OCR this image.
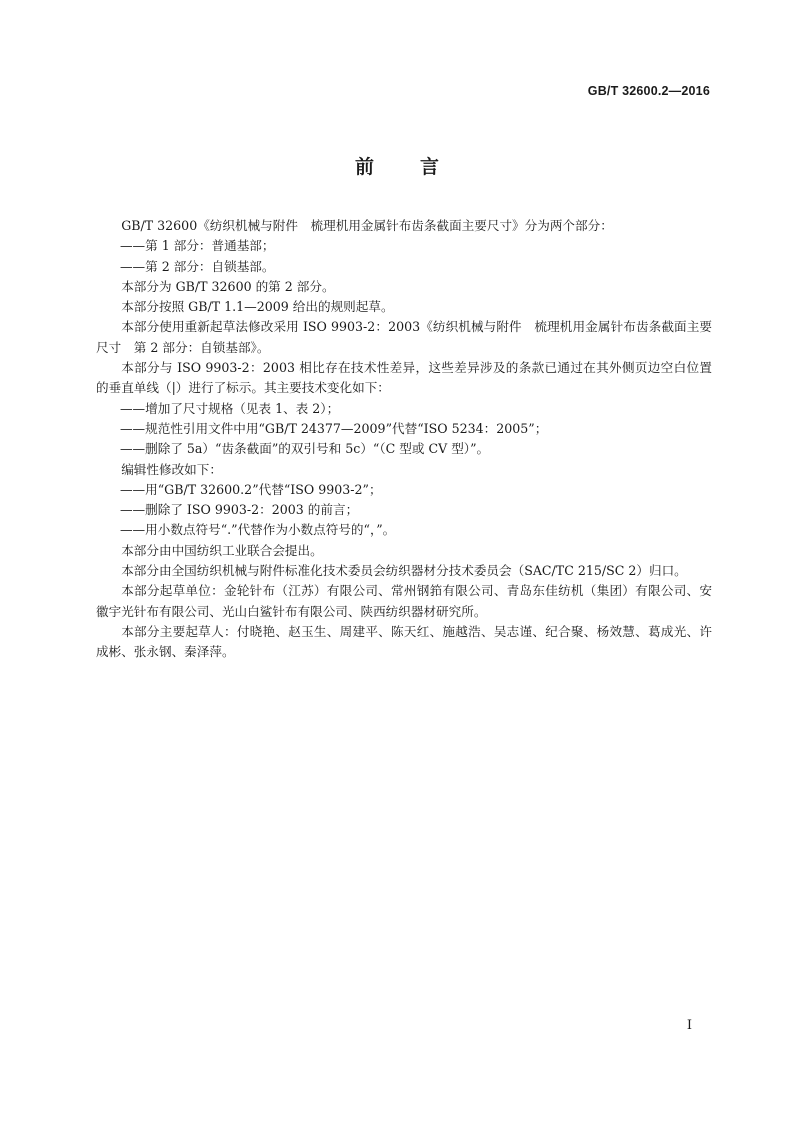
GB/T 32600.2—2016
前 言

GB/T 32600《纺织机械与附件　梳理机用金属针布齿条截面主要尺寸》分为两个部分：

——第 1 部分：普通基部；

——第 2 部分：自锁基部。

本部分为 GB/T 32600 的第 2 部分。

本部分按照 GB/T 1.1—2009 给出的规则起草。

本部分使用重新起草法修改采用 ISO 9903-2：2003《纺织机械与附件　梳理机用金属针布齿条截面主要尺寸　第 2 部分：自锁基部》。

本部分与 ISO 9903-2：2003 相比存在技术性差异，这些差异涉及的条款已通过在其外侧页边空白位置的垂直单线（|）进行了标示。其主要技术变化如下：

——增加了尺寸规格（见表 1、表 2）；

——规范性引用文件中用“GB/T 24377—2009”代替“ISO 5234：2005”；

——删除了 5a）“齿条截面”的双引号和 5c）“（C 型或 CV 型）”。

编辑性修改如下：

——用“GB/T 32600.2”代替“ISO 9903-2”；

——删除了 ISO 9903-2：2003 的前言；

——用小数点符号“.”代替作为小数点符号的“，”。

本部分由中国纺织工业联合会提出。

本部分由全国纺织机械与附件标准化技术委员会纺织器材分技术委员会（SAC/TC 215/SC 2）归口。

本部分起草单位：金轮针布（江苏）有限公司、常州钢筘有限公司、青岛东佳纺机（集团）有限公司、安徽宇光针布有限公司、光山白鲨针布有限公司、陕西纺织器材研究所。

本部分主要起草人：付晓艳、赵玉生、周建平、陈天红、施越浩、吴志谨、纪合聚、杨效慧、葛成光、许成彬、张永钢、秦泽萍。

I
